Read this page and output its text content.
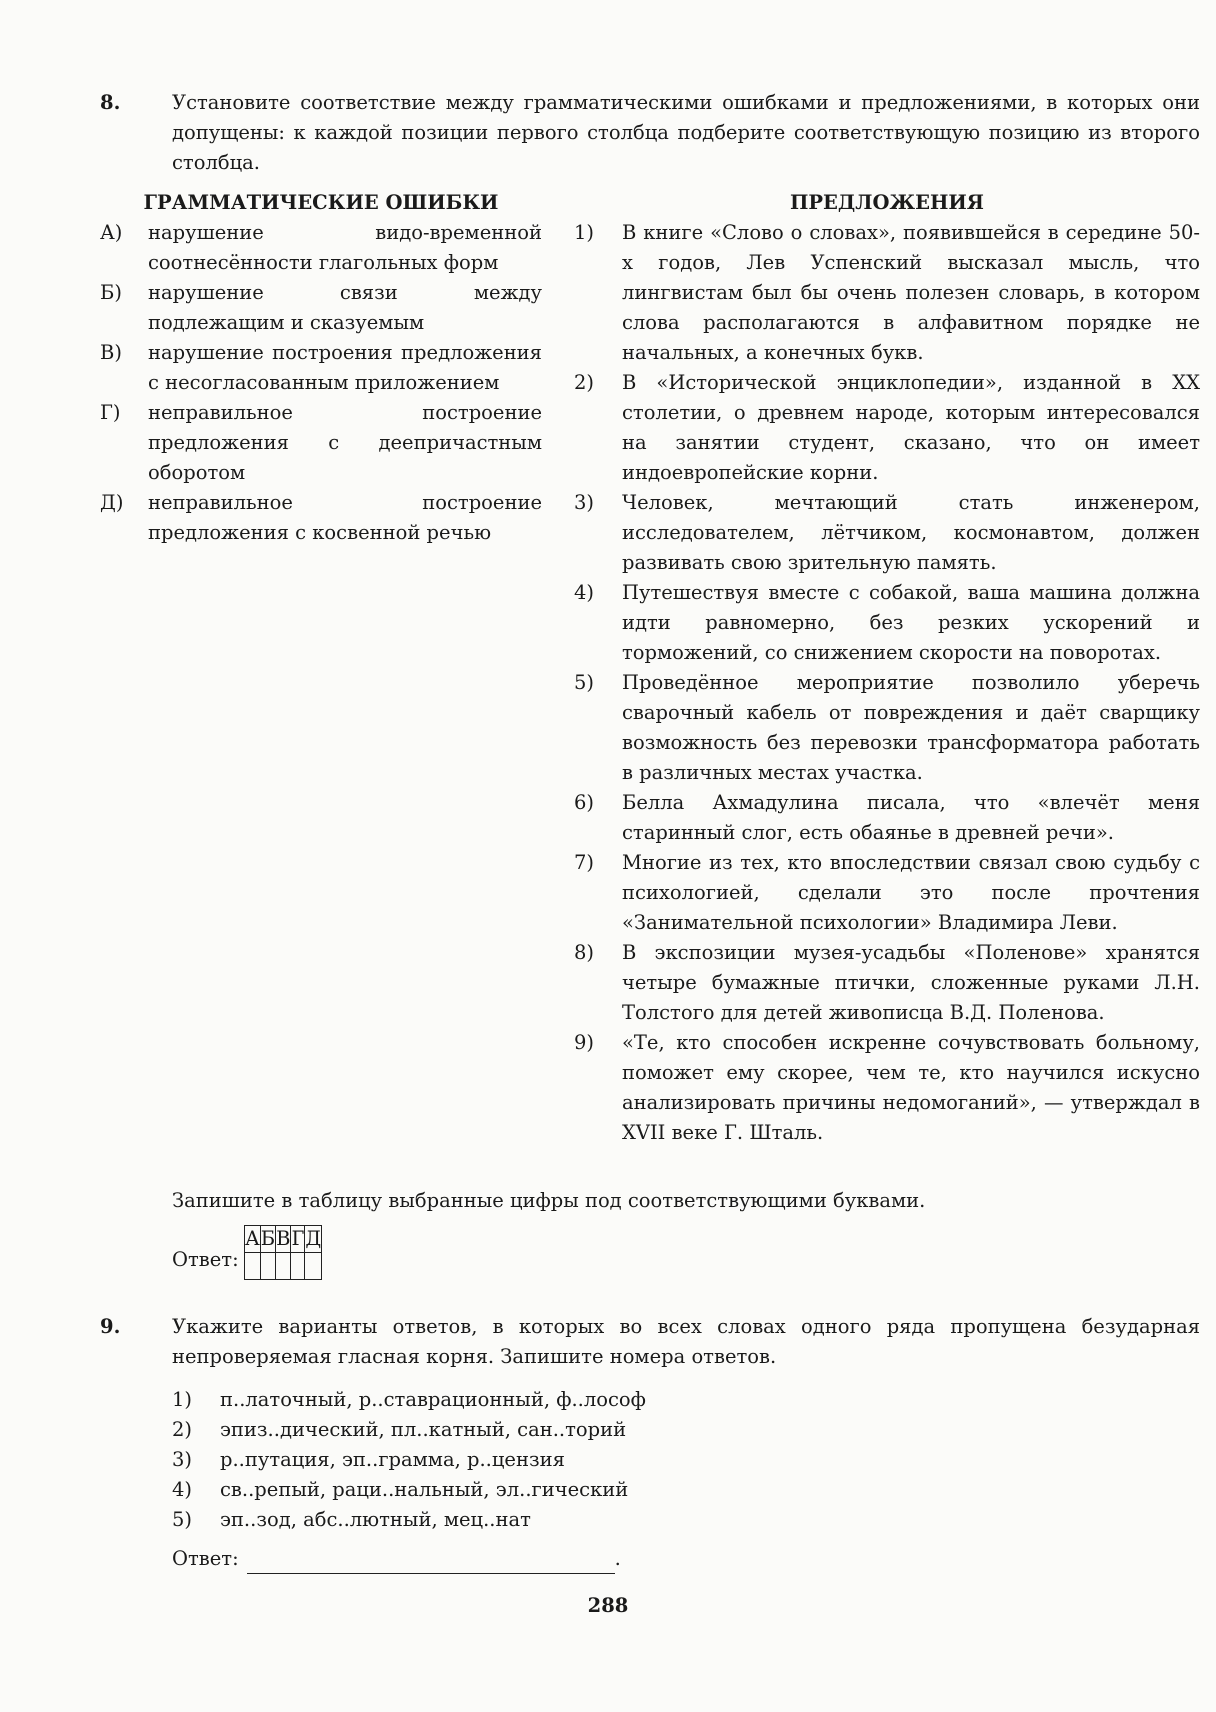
8.	Установите соответствие между грамматическими ошибками и предложениями, в которых они допущены: к каждой позиции первого столбца подберите соответствующую позицию из второго столбца.
ГРАММАТИЧЕСКИЕ ОШИБКИ
А) нарушение видо-временной соотнесённости глагольных форм
Б) нарушение связи между подлежащим и сказуемым
В) нарушение построения предложения с несогласованным приложением
Г) неправильное построение предложения с деепричастным оборотом
Д) неправильное построение предложения с косвенной речью
ПРЕДЛОЖЕНИЯ
1) В книге «Слово о словах», появившейся в середине 50-х годов, Лев Успенский высказал мысль, что лингвистам был бы очень полезен словарь, в котором слова располагаются в алфавитном порядке не начальных, а конечных букв.
2) В «Исторической энциклопедии», изданной в XX столетии, о древнем народе, которым интересовался на занятии студент, сказано, что он имеет индоевропейские корни.
3) Человек, мечтающий стать инженером, исследователем, лётчиком, космонавтом, должен развивать свою зрительную память.
4) Путешествуя вместе с собакой, ваша машина должна идти равномерно, без резких ускорений и торможений, со снижением скорости на поворотах.
5) Проведённое мероприятие позволило уберечь сварочный кабель от повреждения и даёт сварщику возможность без перевозки трансформатора работать в различных местах участка.
6) Белла Ахмадулина писала, что «влечёт меня старинный слог, есть обаянье в древней речи».
7) Многие из тех, кто впоследствии связал свою судьбу с психологией, сделали это после прочтения «Занимательной психологии» Владимира Леви.
8) В экспозиции музея-усадьбы «Поленове» хранятся четыре бумажные птички, сложенные руками Л.Н. Толстого для детей живописца В.Д. Поленова.
9) «Те, кто способен искренне сочувствовать больному, поможет ему скорее, чем те, кто научился искусно анализировать причины недомоганий», — утверждал в XVII веке Г. Шталь.
Запишите в таблицу выбранные цифры под соответствующими буквами.
Ответ:
А	Б	В	Г	Д

9.	Укажите варианты ответов, в которых во всех словах одного ряда пропущена безударная непроверяемая гласная корня. Запишите номера ответов.
1) п..латочный, р..ставрационный, ф..лософ
2) эпиз..дический, пл..катный, сан..торий
3) р..путация, эп..грамма, р..цензия
4) св..репый, раци..нальный, эл..гический
5) эп..зод, абс..лютный, мец..нат
Ответ:	.
288
